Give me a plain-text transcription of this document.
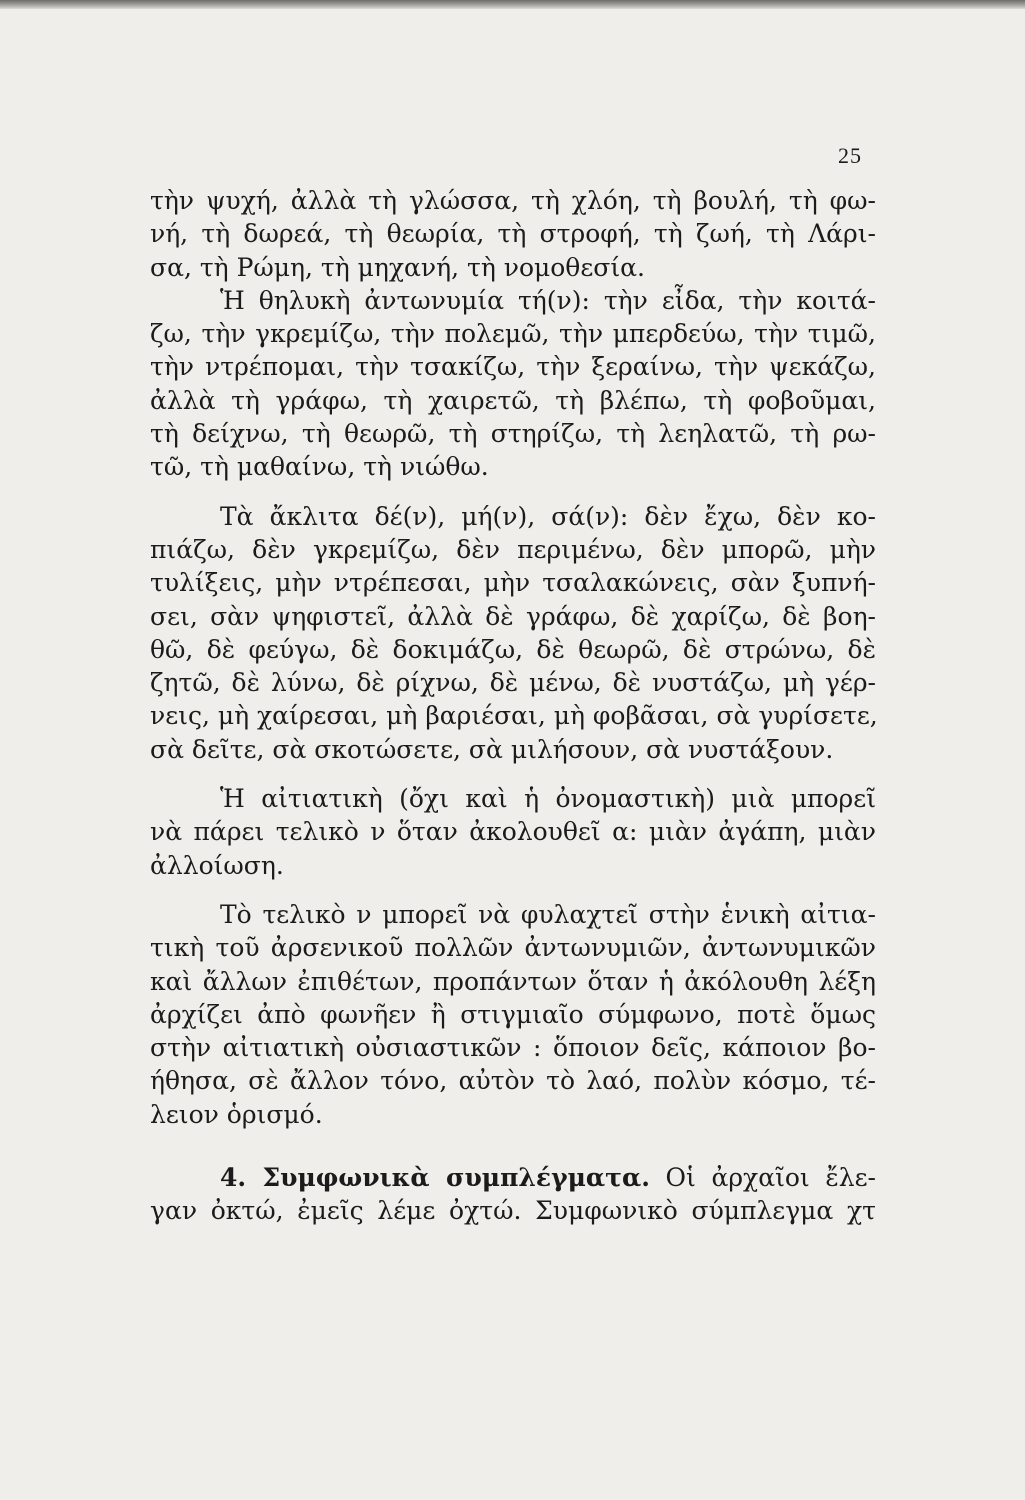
25
τὴν ψυχή, ἀλλὰ τὴ γλώσσα, τὴ χλόη, τὴ βουλή, τὴ φω-
νή, τὴ δωρεά, τὴ θεωρία, τὴ στροφή, τὴ ζωή, τὴ Λάρι-
σα, τὴ Ρώμη, τὴ μηχανή, τὴ νομοθεσία.
Ἡ θηλυκὴ ἀντωνυμία τή(ν): τὴν εἶδα, τὴν κοιτά-
ζω, τὴν γκρεμίζω, τὴν πολεμῶ, τὴν μπερδεύω, τὴν τιμῶ,
τὴν ντρέπομαι, τὴν τσακίζω, τὴν ξεραίνω, τὴν ψεκάζω,
ἀλλὰ τὴ γράφω, τὴ χαιρετῶ, τὴ βλέπω, τὴ φοβοῦμαι,
τὴ δείχνω, τὴ θεωρῶ, τὴ στηρίζω, τὴ λεηλατῶ, τὴ ρω-
τῶ, τὴ μαθαίνω, τὴ νιώθω.
Τὰ ἄκλιτα δέ(ν), μή(ν), σά(ν): δὲν ἔχω, δὲν κο-
πιάζω, δὲν γκρεμίζω, δὲν περιμένω, δὲν μπορῶ, μὴν
τυλίξεις, μὴν ντρέπεσαι, μὴν τσαλακώνεις, σὰν ξυπνή-
σει, σὰν ψηφιστεῖ, ἀλλὰ δὲ γράφω, δὲ χαρίζω, δὲ βοη-
θῶ, δὲ φεύγω, δὲ δοκιμάζω, δὲ θεωρῶ, δὲ στρώνω, δὲ
ζητῶ, δὲ λύνω, δὲ ρίχνω, δὲ μένω, δὲ νυστάζω, μὴ γέρ-
νεις, μὴ χαίρεσαι, μὴ βαριέσαι, μὴ φοβᾶσαι, σὰ γυρίσετε,
σὰ δεῖτε, σὰ σκοτώσετε, σὰ μιλήσουν, σὰ νυστάξουν.
Ἡ αἰτιατικὴ (ὄχι καὶ ἡ ὀνομαστικὴ) μιὰ μπορεῖ
νὰ πάρει τελικὸ ν ὅταν ἀκολουθεῖ α: μιὰν ἀγάπη, μιὰν
ἀλλοίωση.
Τὸ τελικὸ ν μπορεῖ νὰ φυλαχτεῖ στὴν ἑνικὴ αἰτια-
τικὴ τοῦ ἀρσενικοῦ πολλῶν ἀντωνυμιῶν, ἀντωνυμικῶν
καὶ ἄλλων ἐπιθέτων, προπάντων ὅταν ἡ ἀκόλουθη λέξη
ἀρχίζει ἀπὸ φωνῆεν ἢ στιγμιαῖο σύμφωνο, ποτὲ ὅμως
στὴν αἰτιατικὴ οὐσιαστικῶν : ὅποιον δεῖς, κάποιον βο-
ήθησα, σὲ ἄλλον τόνο, αὐτὸν τὸ λαό, πολὺν κόσμο, τέ-
λειον ὁρισμό.
4. Συμφωνικὰ συμπλέγματα. Οἱ ἀρχαῖοι ἔλε-
γαν ὀκτώ, ἐμεῖς λέμε ὀχτώ. Συμφωνικὸ σύμπλεγμα χτ
